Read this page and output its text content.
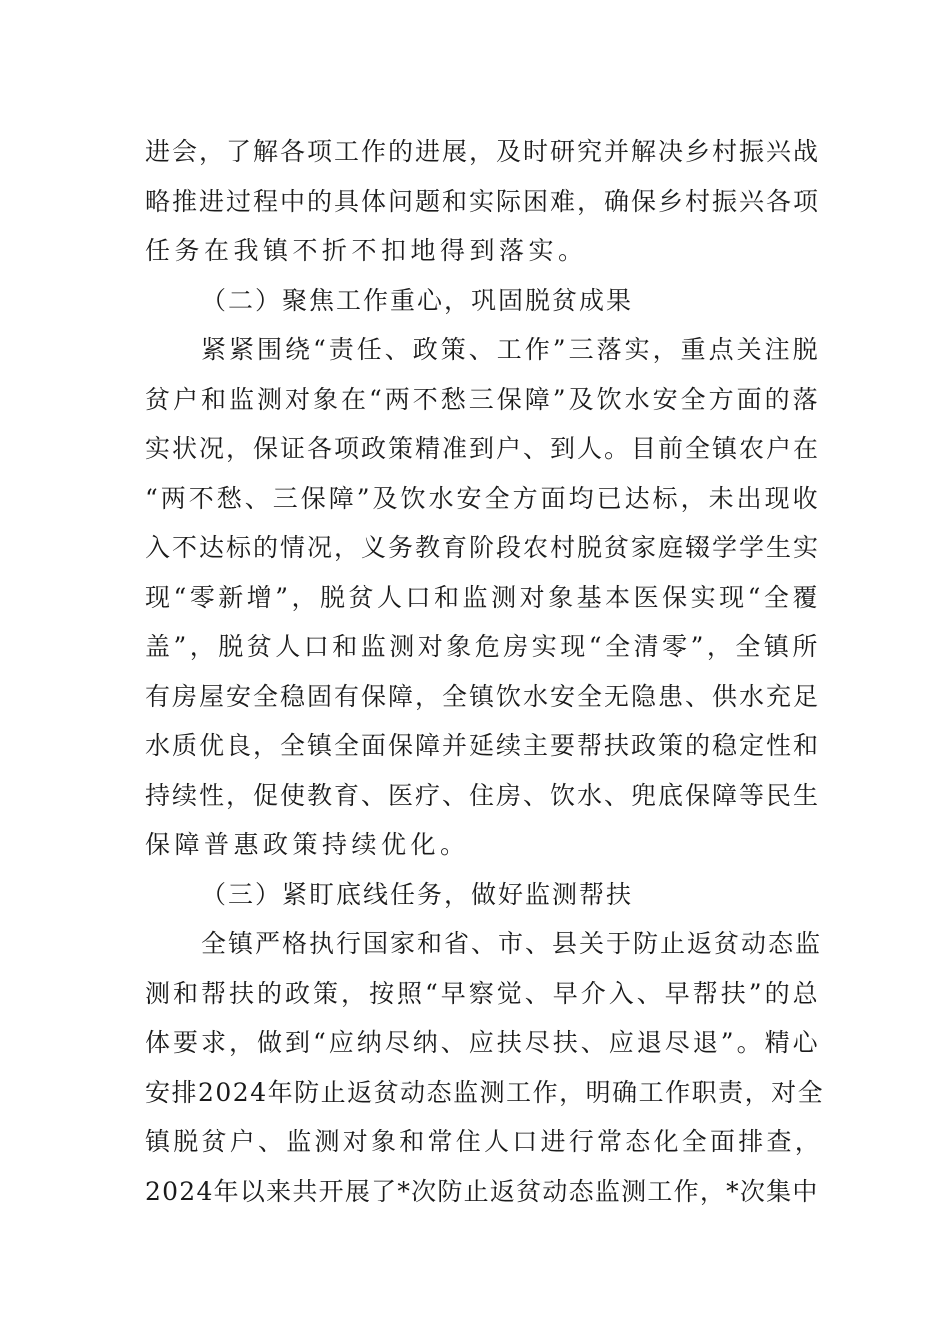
进会，了解各项工作的进展，及时研究并解决乡村振兴战
略推进过程中的具体问题和实际困难，确保乡村振兴各项
任务在我镇不折不扣地得到落实。
（二）聚焦工作重心，巩固脱贫成果
紧紧围绕“责任、政策、工作”三落实，重点关注脱
贫户和监测对象在“两不愁三保障”及饮水安全方面的落
实状况，保证各项政策精准到户、到人。目前全镇农户在
“两不愁、三保障”及饮水安全方面均已达标，未出现收
入不达标的情况，义务教育阶段农村脱贫家庭辍学学生实
现“零新增”，脱贫人口和监测对象基本医保实现“全覆
盖”，脱贫人口和监测对象危房实现“全清零”，全镇所
有房屋安全稳固有保障，全镇饮水安全无隐患、供水充足
水质优良，全镇全面保障并延续主要帮扶政策的稳定性和
持续性，促使教育、医疗、住房、饮水、兜底保障等民生
保障普惠政策持续优化。
（三）紧盯底线任务，做好监测帮扶
全镇严格执行国家和省、市、县关于防止返贫动态监
测和帮扶的政策，按照“早察觉、早介入、早帮扶”的总
体要求，做到“应纳尽纳、应扶尽扶、应退尽退”。精心
安排2024年防止返贫动态监测工作，明确工作职责，对全
镇脱贫户、监测对象和常住人口进行常态化全面排查，
2024年以来共开展了*次防止返贫动态监测工作，*次集中
